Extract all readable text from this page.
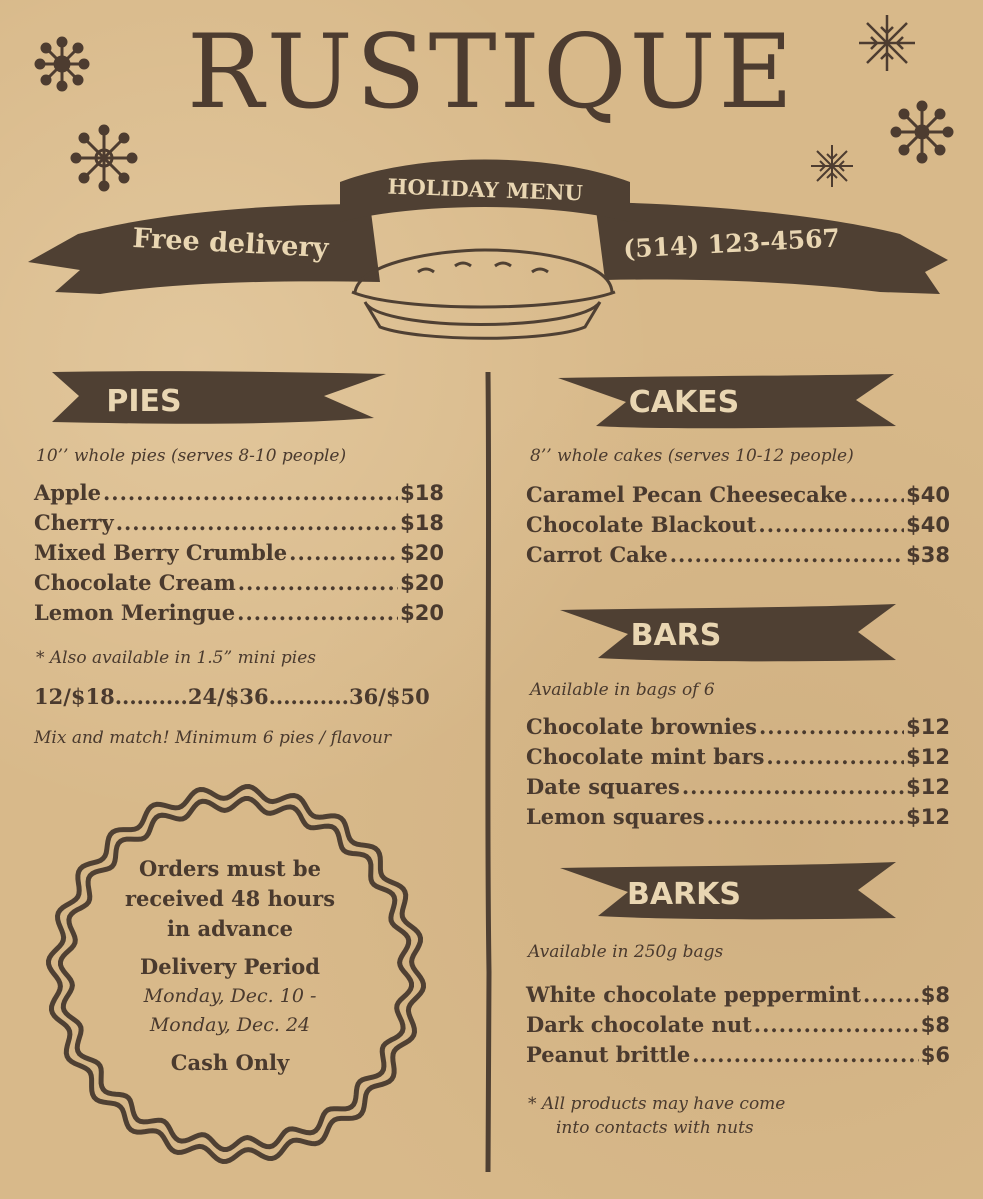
RUSTIQUE
HOLIDAY MENU
Free delivery	(514) 123-4567
PIES
10’’ whole pies (serves 8-10 people)
Apple .....	$18
Cherry .....	$18
Mixed Berry Crumble .....	$20
Chocolate Cream .....	$20
Lemon Meringue .....	$20
* Also available in 1.5” mini pies
12/$18..........24/$36...........36/$50
Mix and match! Minimum 6 pies / flavour
Orders must be
received 48 hours
in advance
Delivery Period
Monday, Dec. 10 -
Monday, Dec. 24
Cash Only
CAKES
8’’ whole cakes (serves 10-12 people)
Caramel Pecan Cheesecake .....	$40
Chocolate Blackout .....	$40
Carrot Cake .....	$38
BARS
Available in bags of 6
Chocolate brownies .....	$12
Chocolate mint bars .....	$12
Date squares .....	$12
Lemon squares .....	$12
BARKS
Available in 250g bags
White chocolate peppermint .....	$8
Dark chocolate nut .....	$8
Peanut brittle .....	$6
* All products may have come
into contacts with nuts
